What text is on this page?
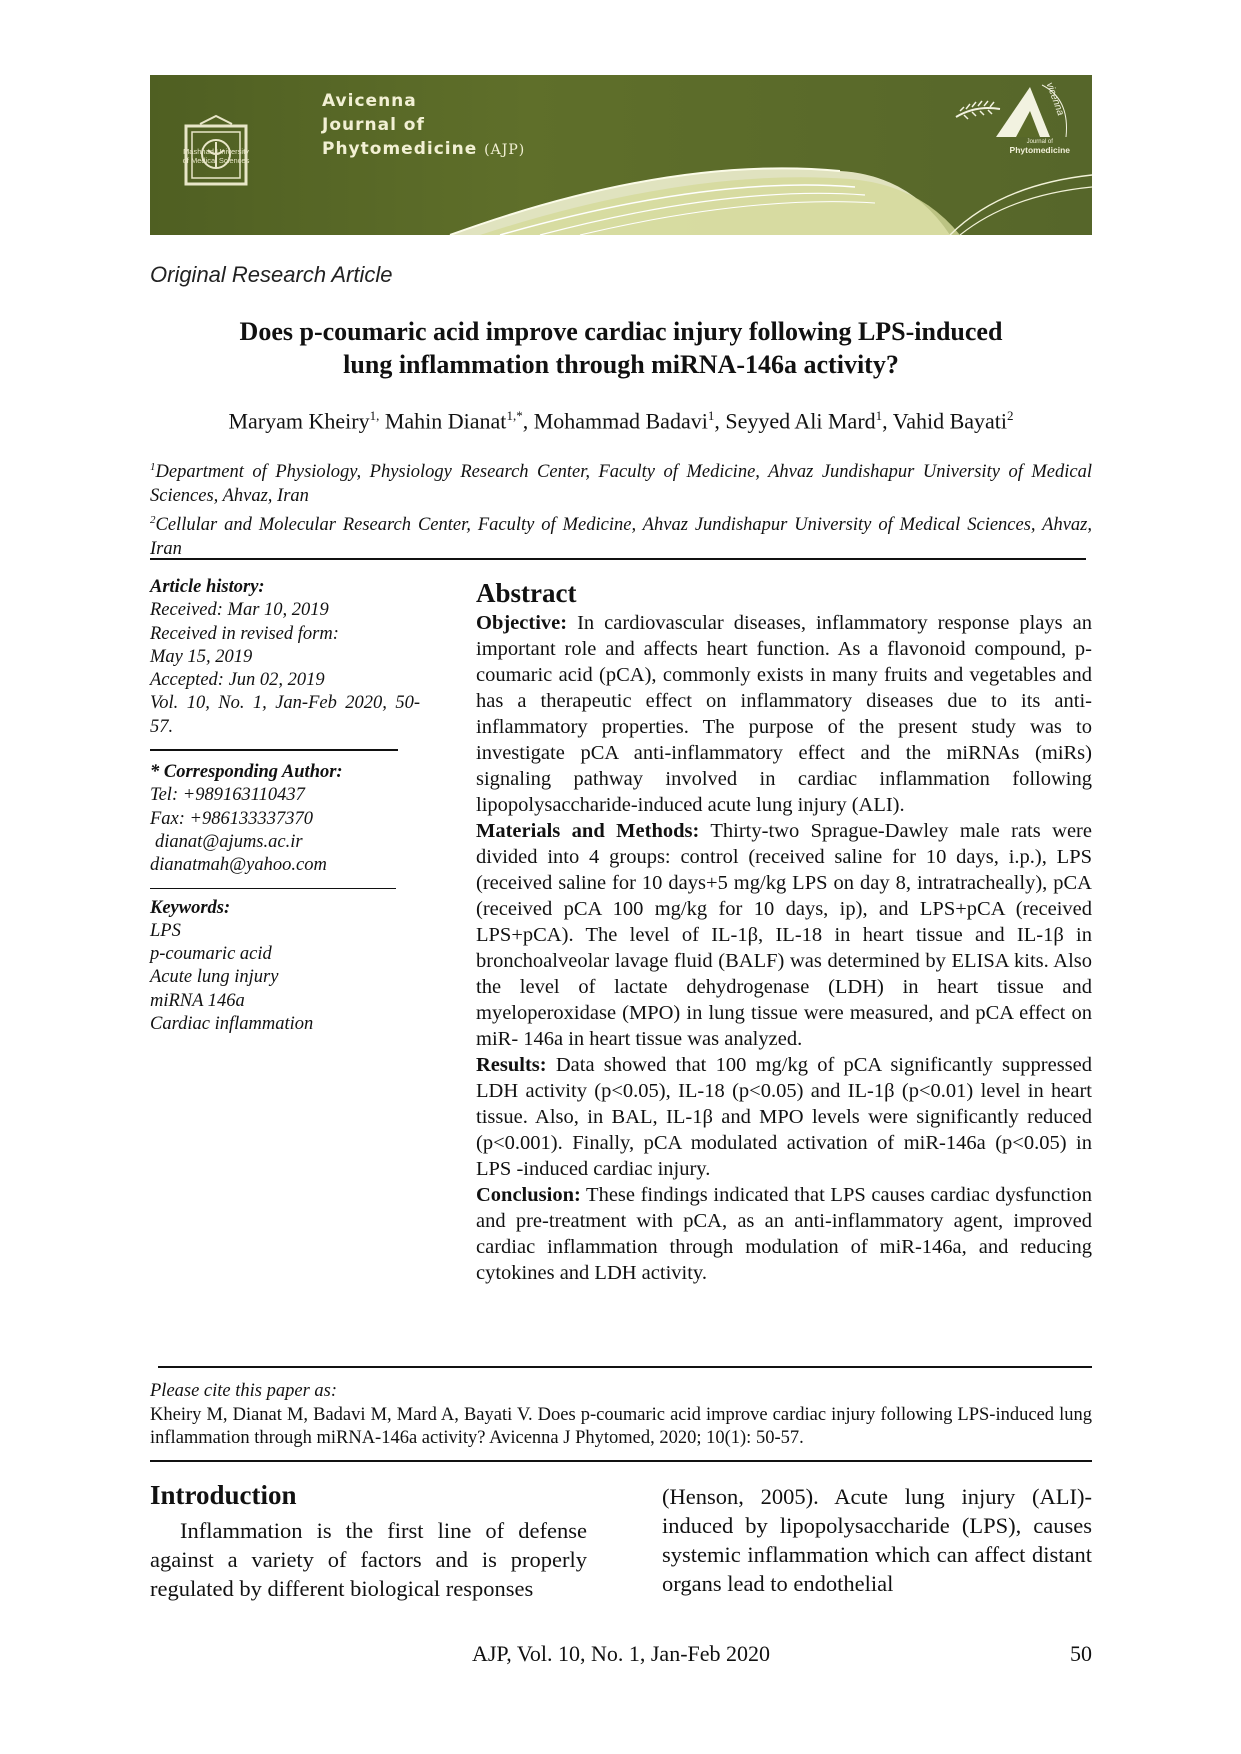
Mashhad University
of Medical Sciences
Avicenna
Journal of
Phytomedicine (AJP)
vicenna
Journal of
Phytomedicine
Original Research Article
Does p-coumaric acid improve cardiac injury following LPS-induced
lung inflammation through miRNA-146a activity?
Maryam Kheiry$^{1,}$ Mahin Dianat$^{1,*}$, Mohammad Badavi$^1$, Seyyed Ali Mard$^1$, Vahid Bayati$^2$

$^1$Department of Physiology, Physiology Research Center, Faculty of Medicine, Ahvaz Jundishapur University of Medical Sciences, Ahvaz, Iran

$^2$Cellular and Molecular Research Center, Faculty of Medicine, Ahvaz Jundishapur University of Medical Sciences, Ahvaz, Iran

Article history:
Received: Mar 10, 2019
Received in revised form:
May 15, 2019
Accepted: Jun 02, 2019
Vol. 10, No. 1, Jan-Feb 2020, 50-57.
* Corresponding Author:
Tel: +989163110437
Fax: +986133337370
dianat@ajums.ac.ir
dianatmah@yahoo.com
Keywords:
LPS
p-coumaric acid
Acute lung injury
miRNA 146a
Cardiac inflammation
Abstract

Objective: In cardiovascular diseases, inflammatory response plays an important role and affects heart function. As a flavonoid compound, p-coumaric acid (pCA), commonly exists in many fruits and vegetables and has a therapeutic effect on inflammatory diseases due to its anti-inflammatory properties. The purpose of the present study was to investigate pCA anti-inflammatory effect and the miRNAs (miRs) signaling pathway involved in cardiac inflammation following lipopolysaccharide-induced acute lung injury (ALI).

Materials and Methods: Thirty-two Sprague-Dawley male rats were divided into 4 groups: control (received saline for 10 days, i.p.), LPS (received saline for 10 days+5 mg/kg LPS on day 8, intratracheally), pCA (received pCA 100 mg/kg for 10 days, ip), and LPS+pCA (received LPS+pCA). The level of IL-1β, IL-18 in heart tissue and IL-1β in bronchoalveolar lavage fluid (BALF) was determined by ELISA kits. Also the level of lactate dehydrogenase (LDH) in heart tissue and myeloperoxidase (MPO) in lung tissue were measured, and pCA effect on miR- 146a in heart tissue was analyzed.

Results: Data showed that 100 mg/kg of pCA significantly suppressed LDH activity (p<0.05), IL-18 (p<0.05) and IL-1β (p<0.01) level in heart tissue. Also, in BAL, IL-1β and MPO levels were significantly reduced (p<0.001). Finally, pCA modulated activation of miR-146a (p<0.05) in LPS -induced cardiac injury.

Conclusion: These findings indicated that LPS causes cardiac dysfunction and pre-treatment with pCA, as an anti-inflammatory agent, improved cardiac inflammation through modulation of miR-146a, and reducing cytokines and LDH activity.

Please cite this paper as:

Kheiry M, Dianat M, Badavi M, Mard A, Bayati V. Does p-coumaric acid improve cardiac injury following LPS-induced lung inflammation through miRNA-146a activity? Avicenna J Phytomed, 2020; 10(1): 50-57.

Introduction
Inflammation is the first line of defense against a variety of factors and is properly regulated by different biological responses
(Henson, 2005). Acute lung injury (ALI)-induced by lipopolysaccharide (LPS), causes systemic inflammation which can affect distant organs lead to endothelial
AJP, Vol. 10, No. 1, Jan-Feb 2020	50
